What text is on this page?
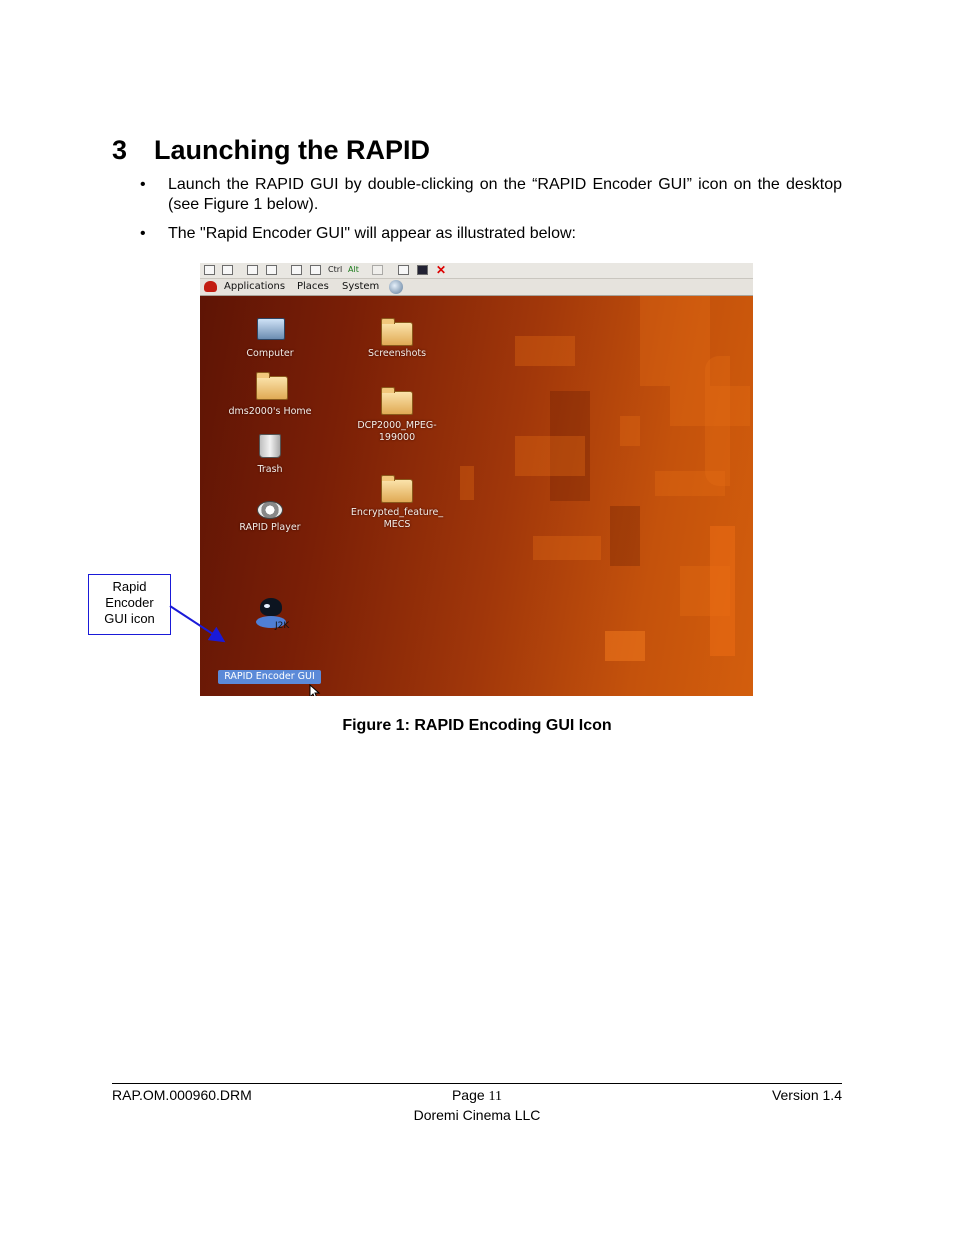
3 Launching the RAPID
• Launch the RAPID GUI by double-clicking on the “RAPID Encoder GUI” icon on the desktop (see Figure 1 below).
• The "Rapid Encoder GUI" will appear as illustrated below:
Ctrl Alt	✕
Applications Places System
Computer
dms2000's Home
Trash
RAPID Player
Screenshots
DCP2000_MPEG-
199000
Encrypted_feature_
MECS
J2K
RAPID Encoder GUI
Rapid
Encoder
GUI icon
Figure 1: RAPID Encoding GUI Icon
RAP.OM.000960.DRM	Page 11
Doremi Cinema LLC
Version 1.4
